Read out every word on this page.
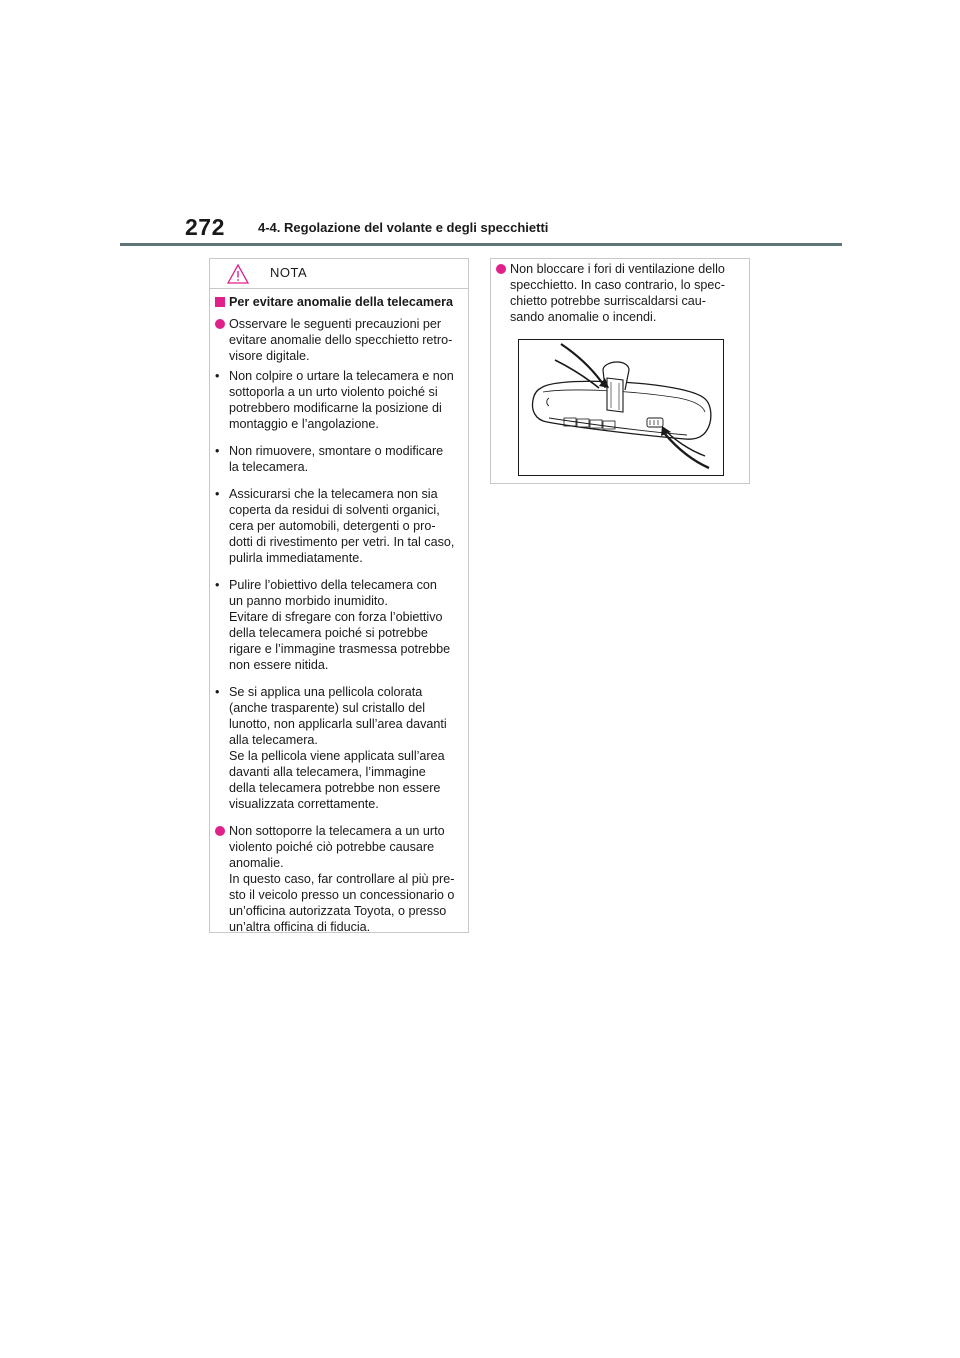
272	4-4. Regolazione del volante e degli specchietti
NOTA
Per evitare anomalie della telecamera
Osservare le seguenti precauzioni per
evitare anomalie dello specchietto retro-
visore digitale.
• Non colpire o urtare la telecamera e non
sottoporla a un urto violento poiché si
potrebbero modificarne la posizione di
montaggio e l’angolazione.
• Non rimuovere, smontare o modificare
la telecamera.
• Assicurarsi che la telecamera non sia
coperta da residui di solventi organici,
cera per automobili, detergenti o pro-
dotti di rivestimento per vetri. In tal caso,
pulirla immediatamente.
• Pulire l’obiettivo della telecamera con
un panno morbido inumidito.
Evitare di sfregare con forza l’obiettivo
della telecamera poiché si potrebbe
rigare e l’immagine trasmessa potrebbe
non essere nitida.
• Se si applica una pellicola colorata
(anche trasparente) sul cristallo del
lunotto, non applicarla sull’area davanti
alla telecamera.
Se la pellicola viene applicata sull’area
davanti alla telecamera, l’immagine
della telecamera potrebbe non essere
visualizzata correttamente.
Non sottoporre la telecamera a un urto
violento poiché ciò potrebbe causare
anomalie.
In questo caso, far controllare al più pre-
sto il veicolo presso un concessionario o
un’officina autorizzata Toyota, o presso
un’altra officina di fiducia.
Non bloccare i fori di ventilazione dello
specchietto. In caso contrario, lo spec-
chietto potrebbe surriscaldarsi cau-
sando anomalie o incendi.
